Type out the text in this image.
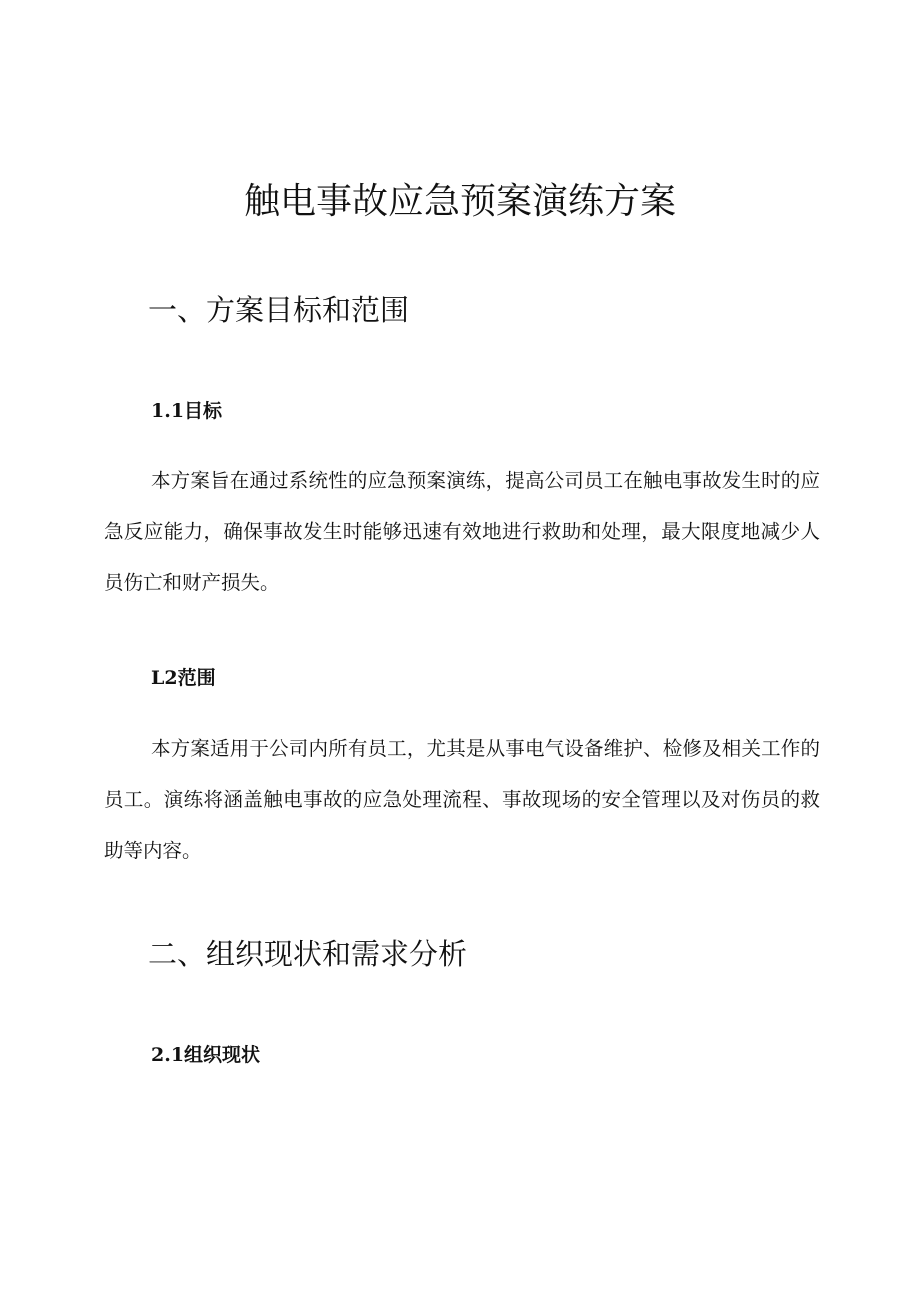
触电事故应急预案演练方案
一、方案目标和范围
1.1目标

本方案旨在通过系统性的应急预案演练，提高公司员工在触电事故发生时的应急反应能力，确保事故发生时能够迅速有效地进行救助和处理，最大限度地减少人员伤亡和财产损失。

L2范围

本方案适用于公司内所有员工，尤其是从事电气设备维护、检修及相关工作的员工。演练将涵盖触电事故的应急处理流程、事故现场的安全管理以及对伤员的救助等内容。

二、组织现状和需求分析
2.1组织现状
